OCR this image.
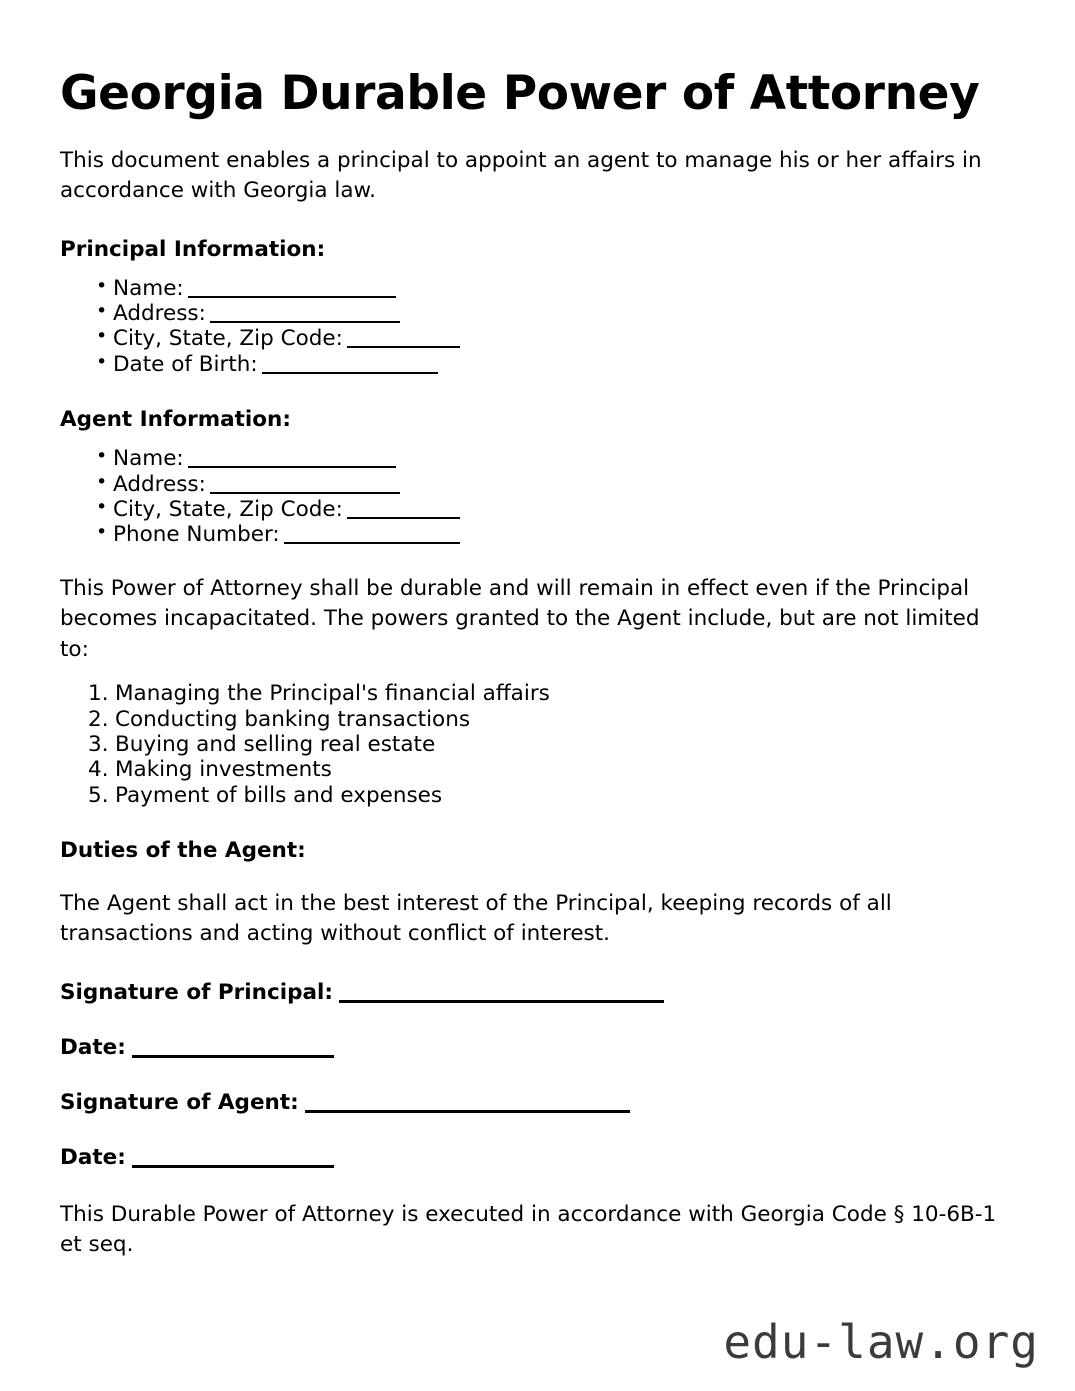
Georgia Durable Power of Attorney

This document enables a principal to appoint an agent to manage his or her affairs in accordance with Georgia law.

Principal Information:
• Name:
• Address:
• City, State, Zip Code:
• Date of Birth:
Agent Information:
• Name:
• Address:
• City, State, Zip Code:
• Phone Number:

This Power of Attorney shall be durable and will remain in effect even if the Principal becomes incapacitated. The powers granted to the Agent include, but are not limited to:

Managing the Principal's financial affairs
Conducting banking transactions
Buying and selling real estate
Making investments
Payment of bills and expenses
Duties of the Agent:

The Agent shall act in the best interest of the Principal, keeping records of all transactions and acting without conflict of interest.

Signature of Principal:
Date:
Signature of Agent:
Date:

This Durable Power of Attorney is executed in accordance with Georgia Code § 10-6B-1 et seq.

edu-law.org
